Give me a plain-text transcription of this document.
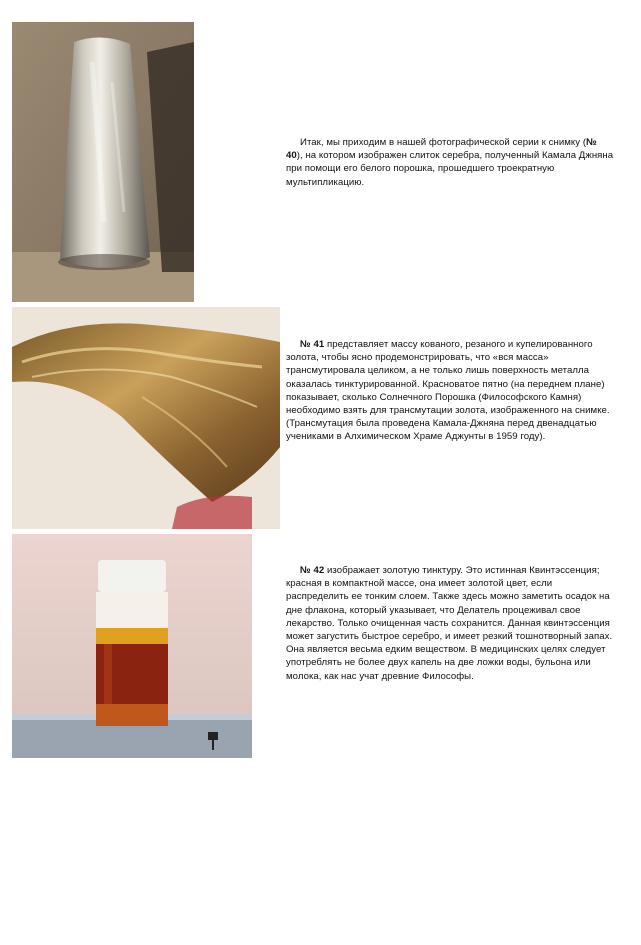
Итак, мы приходим в нашей фотографической серии к снимку (№ 40), на котором изображен слиток серебра, полученный Камала Джняна при помощи его белого порошка, прошедшего троекратную мультипликацию.
№ 41 представляет массу кованого, резаного и купелированного золота, чтобы ясно продемонстрировать, что «вся масса» трансмутировала целиком, а не только лишь поверхность металла оказалась тинктурированной. Красноватое пятно (на переднем плане) показывает, сколько Солнечного Порошка (Философского Камня) необходимо взять для трансмутации золота, изображенного на снимке. (Трансмутация была проведена Камала-Джняна перед двенадцатью учениками в Алхимическом Храме Аджунты в 1959 году).
№ 42 изображает золотую тинктуру. Это истинная Квинтэссенция; красная в компактной массе, она имеет золотой цвет, если распределить ее тонким слоем. Также здесь можно заметить осадок на дне флакона, который указывает, что Делатель процеживал свое лекарство. Только очищенная часть сохранится. Данная квинтэссенция может загустить быстрое серебро, и имеет резкий тошнотворный запах. Она является весьма едким веществом. В медицинских целях следует употреблять не более двух капель на две ложки воды, бульона или молока, как нас учат древние Философы.
